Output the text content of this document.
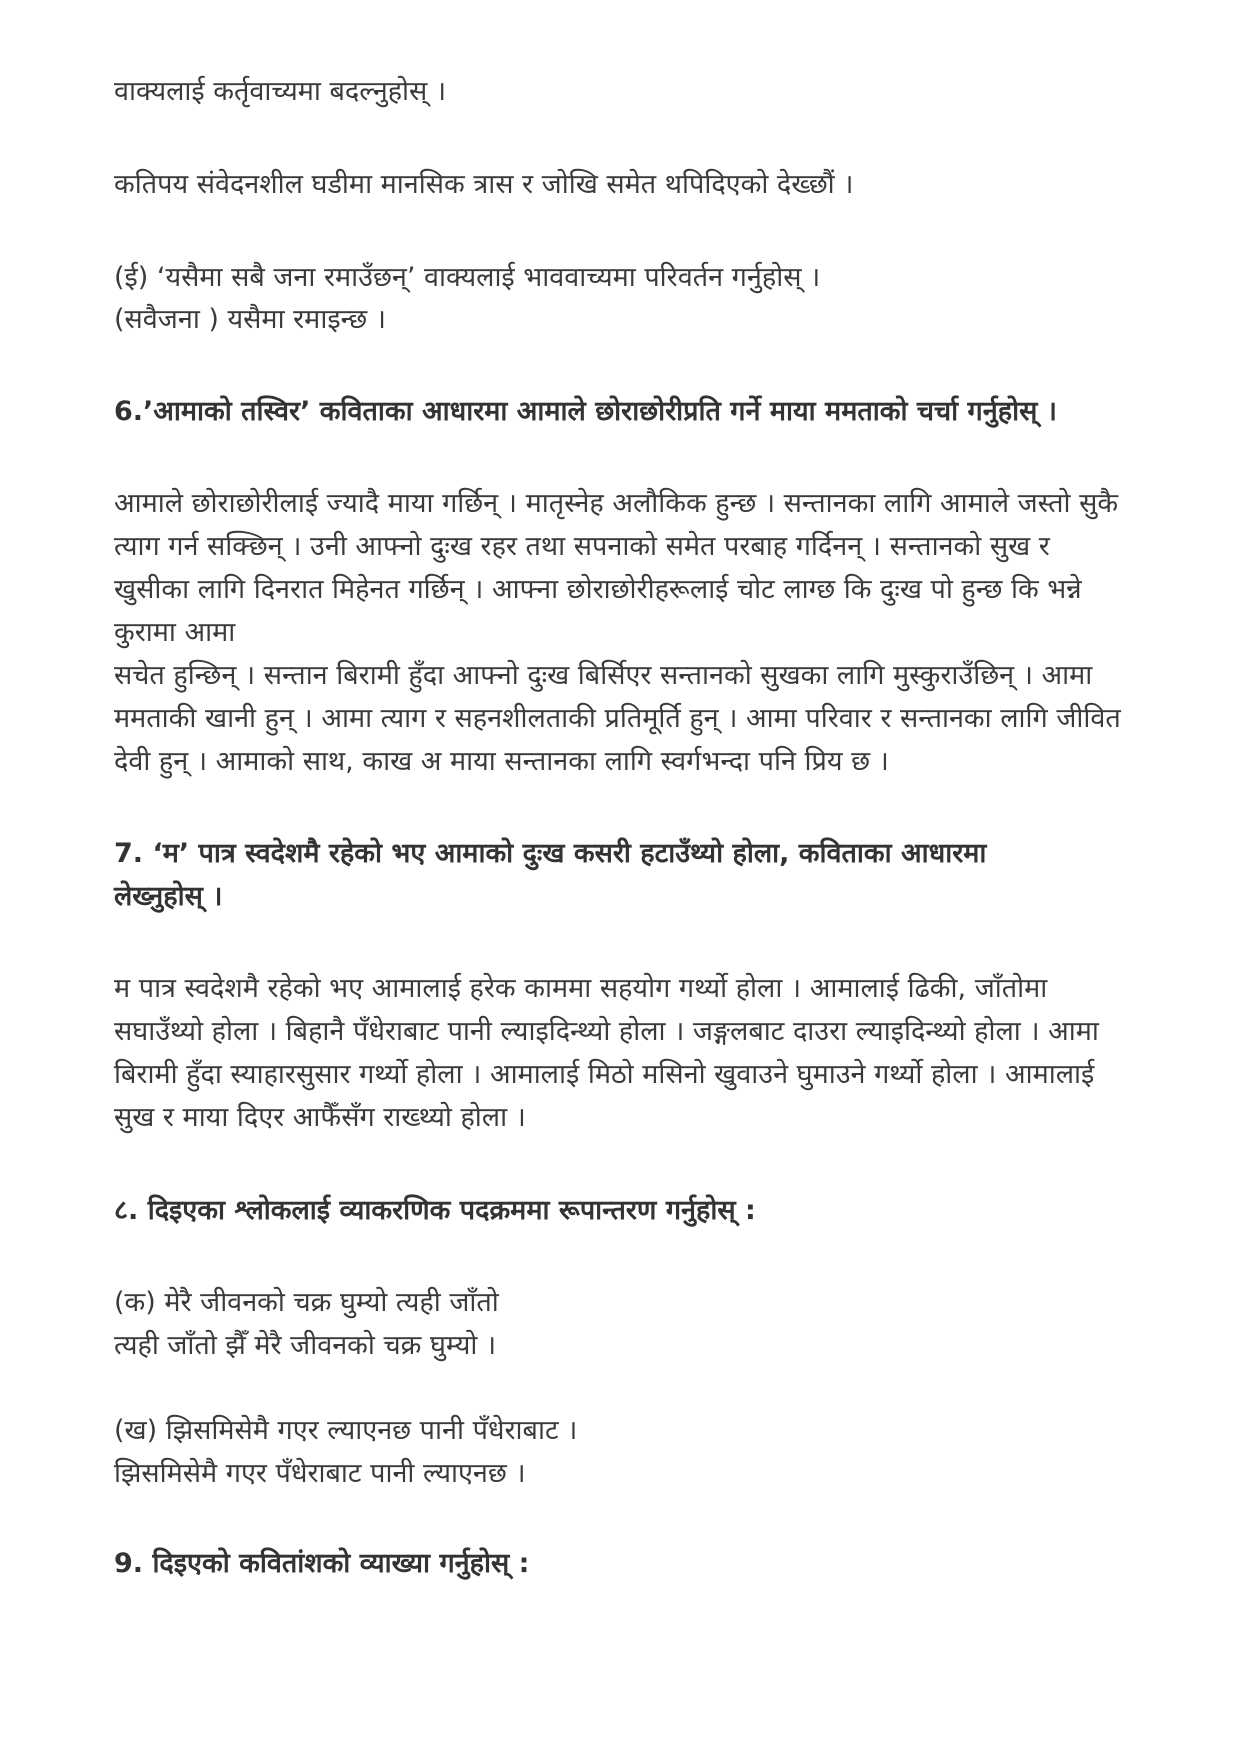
वाक्यलाई कर्तृवाच्यमा बदल्नुहोस् ।
कतिपय संवेदनशील घडीमा मानसिक त्रास र जोखि समेत थपिदिएको देख्छौं ।
(ई) ‘यसैमा सबै जना रमाउँछन्’ वाक्यलाई भाववाच्यमा परिवर्तन गर्नुहोस् ।
(सवैजना ) यसैमा रमाइन्छ ।
6.’आमाको तस्विर’ कविताका आधारमा आमाले छोराछोरीप्रति गर्ने माया ममताको चर्चा गर्नुहोस् ।
आमाले छोराछोरीलाई ज्यादै माया गर्छिन् । मातृस्नेह अलौकिक हुन्छ । सन्तानका लागि आमाले जस्तो सुकै
त्याग गर्न सक्छिन् । उनी आफ्नो दुःख रहर तथा सपनाको समेत परबाह गर्दिनन् । सन्तानको सुख र
खुसीका लागि दिनरात मिहेनत गर्छिन् । आफ्ना छोराछोरीहरूलाई चोट लाग्छ कि दुःख पो हुन्छ कि भन्ने
कुरामा आमा
सचेत हुन्छिन् । सन्तान बिरामी हुँदा आफ्नो दुःख बिर्सिएर सन्तानको सुखका लागि मुस्कुराउँछिन् । आमा
ममताकी खानी हुन् । आमा त्याग र सहनशीलताकी प्रतिमूर्ति हुन् । आमा परिवार र सन्तानका लागि जीवित
देवी हुन् । आमाको साथ, काख अ माया सन्तानका लागि स्वर्गभन्दा पनि प्रिय छ ।
7. ‘म’ पात्र स्वदेशमै रहेको भए आमाको दुःख कसरी हटाउँथ्यो होला, कविताका आधारमा
लेख्नुहोस् ।
म पात्र स्वदेशमै रहेको भए आमालाई हरेक काममा सहयोग गर्थ्यो होला । आमालाई ढिकी, जाँतोमा
सघाउँथ्यो होला । बिहानै पँधेराबाट पानी ल्याइदिन्थ्यो होला । जङ्गलबाट दाउरा ल्याइदिन्थ्यो होला । आमा
बिरामी हुँदा स्याहारसुसार गर्थ्यो होला । आमालाई मिठो मसिनो खुवाउने घुमाउने गर्थ्यो होला । आमालाई
सुख र माया दिएर आफैँसँग राख्थ्यो होला ।
८. दिइएका श्लोकलाई व्याकरणिक पदक्रममा रूपान्तरण गर्नुहोस् :
(क) मेरै जीवनको चक्र घुम्यो त्यही जाँतो
त्यही जाँतो झैँ मेरै जीवनको चक्र घुम्यो ।
(ख) झिसमिसेमै गएर ल्याएनछ पानी पँधेराबाट ।
झिसमिसेमै गएर पँधेराबाट पानी ल्याएनछ ।
9. दिइएको कवितांशको व्याख्या गर्नुहोस् :
